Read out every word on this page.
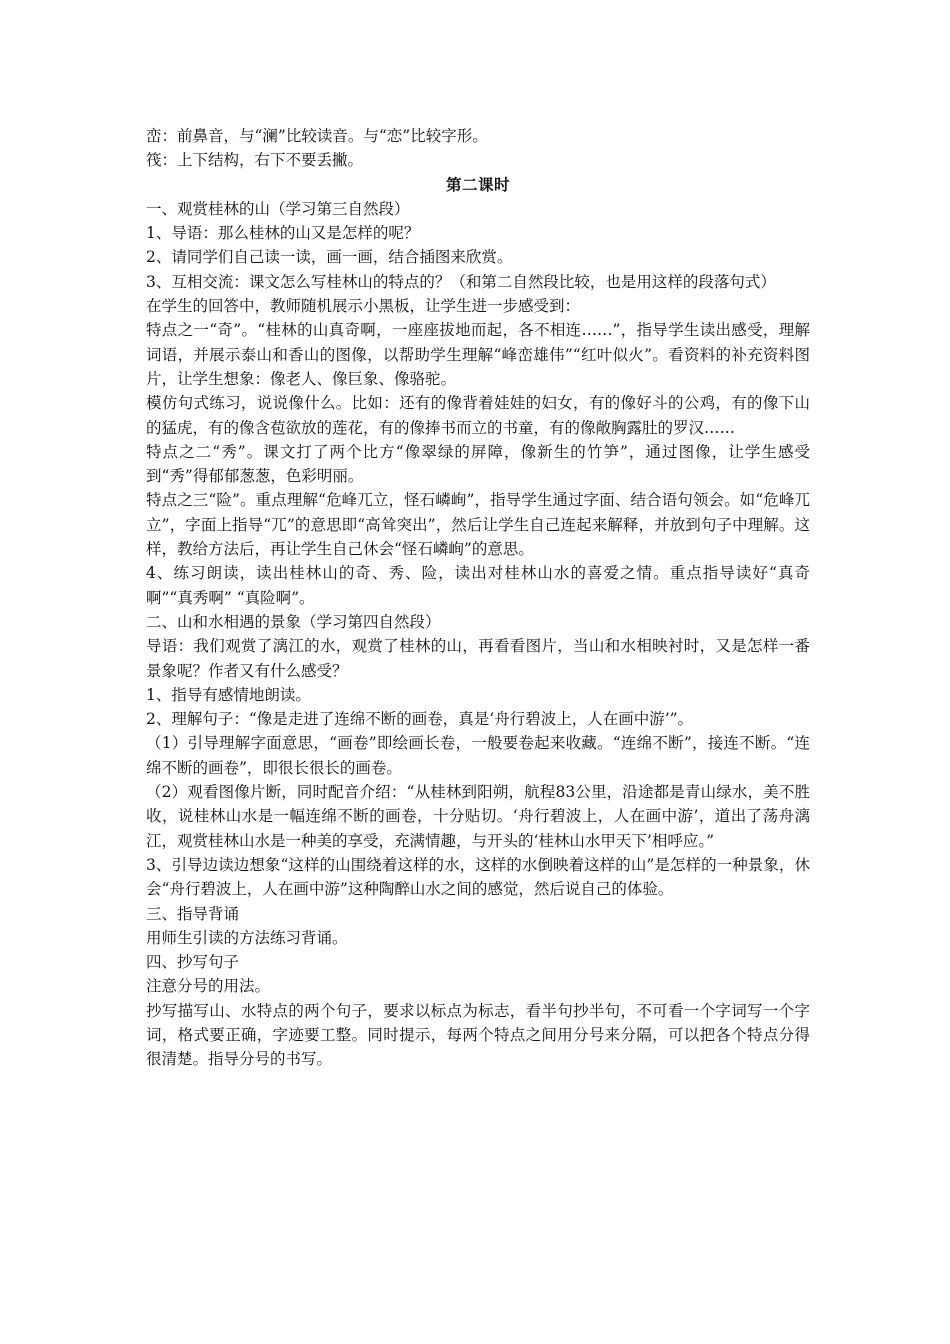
峦：前鼻音，与“澜”比较读音。与“恋”比较字形。

筏：上下结构，右下不要丢撇。

第二课时

一、观赏桂林的山（学习第三自然段）

1、导语：那么桂林的山又是怎样的呢？

2、请同学们自己读一读，画一画，结合插图来欣赏。

3、互相交流：课文怎么写桂林山的特点的？（和第二自然段比较，也是用这样的段落句式）

在学生的回答中，教师随机展示小黑板，让学生进一步感受到：

特点之一“奇”。“桂林的山真奇啊，一座座拔地而起，各不相连……”，指导学生读出感受，理解词语，并展示泰山和香山的图像，以帮助学生理解“峰峦雄伟”“红叶似火”。看资料的补充资料图片，让学生想象：像老人、像巨象、像骆驼。

模仿句式练习，说说像什么。比如：还有的像背着娃娃的妇女，有的像好斗的公鸡，有的像下山的猛虎，有的像含苞欲放的莲花，有的像捧书而立的书童，有的像敞胸露肚的罗汉……

特点之二“秀”。课文打了两个比方“像翠绿的屏障，像新生的竹笋”，通过图像，让学生感受到“秀”得郁郁葱葱，色彩明丽。

特点之三“险”。重点理解“危峰兀立，怪石嶙峋”，指导学生通过字面、结合语句领会。如“危峰兀立”，字面上指导“兀”的意思即“高耸突出”，然后让学生自己连起来解释，并放到句子中理解。这样，教给方法后，再让学生自己休会“怪石嶙峋”的意思。

4、练习朗读，读出桂林山的奇、秀、险，读出对桂林山水的喜爱之情。重点指导读好“真奇啊”“真秀啊” “真险啊”。

二、山和水相遇的景象（学习第四自然段）

导语：我们观赏了漓江的水，观赏了桂林的山，再看看图片，当山和水相映衬时，又是怎样一番景象呢？作者又有什么感受？

1、指导有感情地朗读。

2、理解句子：“像是走进了连绵不断的画卷，真是‘舟行碧波上，人在画中游’”。

（1）引导理解字面意思，“画卷”即绘画长卷，一般要卷起来收藏。“连绵不断”，接连不断。“连绵不断的画卷”，即很长很长的画卷。

（2）观看图像片断，同时配音介绍：“从桂林到阳朔，航程83公里，沿途都是青山绿水，美不胜收，说桂林山水是一幅连绵不断的画卷，十分贴切。‘舟行碧波上，人在画中游’，道出了荡舟漓江，观赏桂林山水是一种美的享受，充满情趣，与开头的‘桂林山水甲天下’相呼应。”

3、引导边读边想象“这样的山围绕着这样的水，这样的水倒映着这样的山”是怎样的一种景象，休会“舟行碧波上，人在画中游”这种陶醉山水之间的感觉，然后说自己的体验。

三、指导背诵

用师生引读的方法练习背诵。

四、抄写句子

注意分号的用法。

抄写描写山、水特点的两个句子，要求以标点为标志，看半句抄半句，不可看一个字词写一个字词，格式要正确，字迹要工整。同时提示，每两个特点之间用分号来分隔，可以把各个特点分得很清楚。指导分号的书写。
